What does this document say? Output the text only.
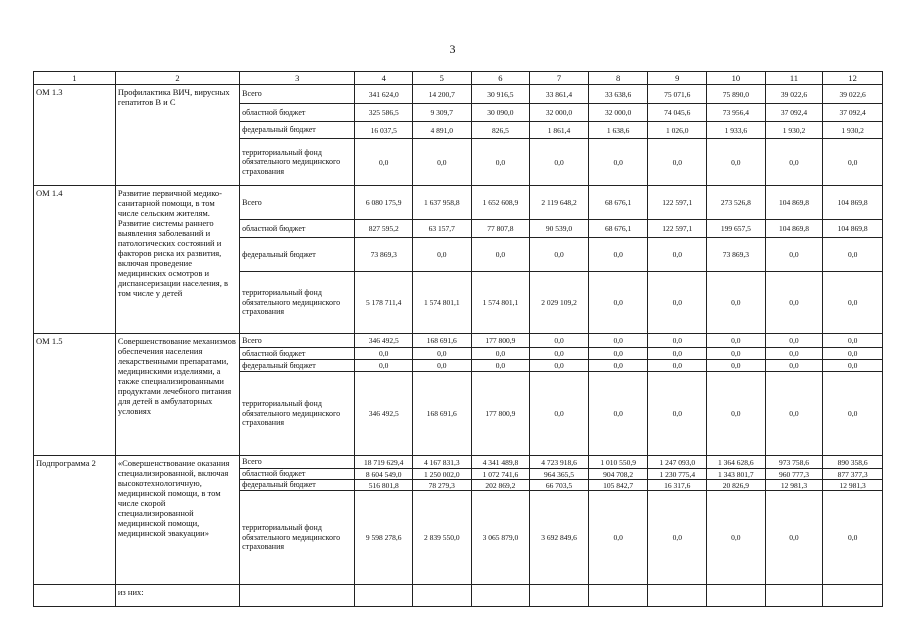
3
1	2	3	4	5	6	7	8	9	10	11	12
ОМ 1.3	Профилактика ВИЧ, вирусных гепатитов B и C	Всего	341 624,0	14 200,7	30 916,5	33 861,4	33 638,6	75 071,6	75 890,0	39 022,6	39 022,6
		областной бюджет	325 586,5	9 309,7	30 090,0	32 000,0	32 000,0	74 045,6	73 956,4	37 092,4	37 092,4
		федеральный бюджет	16 037,5	4 891,0	826,5	1 861,4	1 638,6	1 026,0	1 933,6	1 930,2	1 930,2
		территориальный фонд обязательного медицинского страхования	0,0	0,0	0,0	0,0	0,0	0,0	0,0	0,0	0,0
ОМ 1.4	Развитие первичной медико-санитарной помощи, в том числе сельским жителям. Развитие системы раннего выявления заболеваний и патологических состояний и факторов риска их развития, включая проведение медицинских осмотров и диспансеризации населения, в том числе у детей	Всего	6 080 175,9	1 637 958,8	1 652 608,9	2 119 648,2	68 676,1	122 597,1	273 526,8	104 869,8	104 869,8
		областной бюджет	827 595,2	63 157,7	77 807,8	90 539,0	68 676,1	122 597,1	199 657,5	104 869,8	104 869,8
		федеральный бюджет	73 869,3	0,0	0,0	0,0	0,0	0,0	73 869,3	0,0	0,0
		территориальный фонд обязательного медицинского страхования	5 178 711,4	1 574 801,1	1 574 801,1	2 029 109,2	0,0	0,0	0,0	0,0	0,0
ОМ 1.5	Совершенствование механизмов обеспечения населения лекарственными препаратами, медицинскими изделиями, а также специализированными продуктами лечебного питания для детей в амбулаторных условиях	Всего	346 492,5	168 691,6	177 800,9	0,0	0,0	0,0	0,0	0,0	0,0
		областной бюджет	0,0	0,0	0,0	0,0	0,0	0,0	0,0	0,0	0,0
		федеральный бюджет	0,0	0,0	0,0	0,0	0,0	0,0	0,0	0,0	0,0
		территориальный фонд обязательного медицинского страхования	346 492,5	168 691,6	177 800,9	0,0	0,0	0,0	0,0	0,0	0,0
Подпрограмма 2	«Совершенствование оказания специализированной, включая высокотехнологичную, медицинской помощи, в том числе скорой специализированной медицинской помощи, медицинской эвакуации»	Всего	18 719 629,4	4 167 831,3	4 341 489,8	4 723 918,6	1 010 550,9	1 247 093,0	1 364 628,6	973 758,6	890 358,6
		областной бюджет	8 604 549,0	1 250 002,0	1 072 741,6	964 365,5	904 708,2	1 230 775,4	1 343 801,7	960 777,3	877 377,3
		федеральный бюджет	516 801,8	78 279,3	202 869,2	66 703,5	105 842,7	16 317,6	20 826,9	12 981,3	12 981,3
		территориальный фонд обязательного медицинского страхования	9 598 278,6	2 839 550,0	3 065 879,0	3 692 849,6	0,0	0,0	0,0	0,0	0,0
	из них:										
